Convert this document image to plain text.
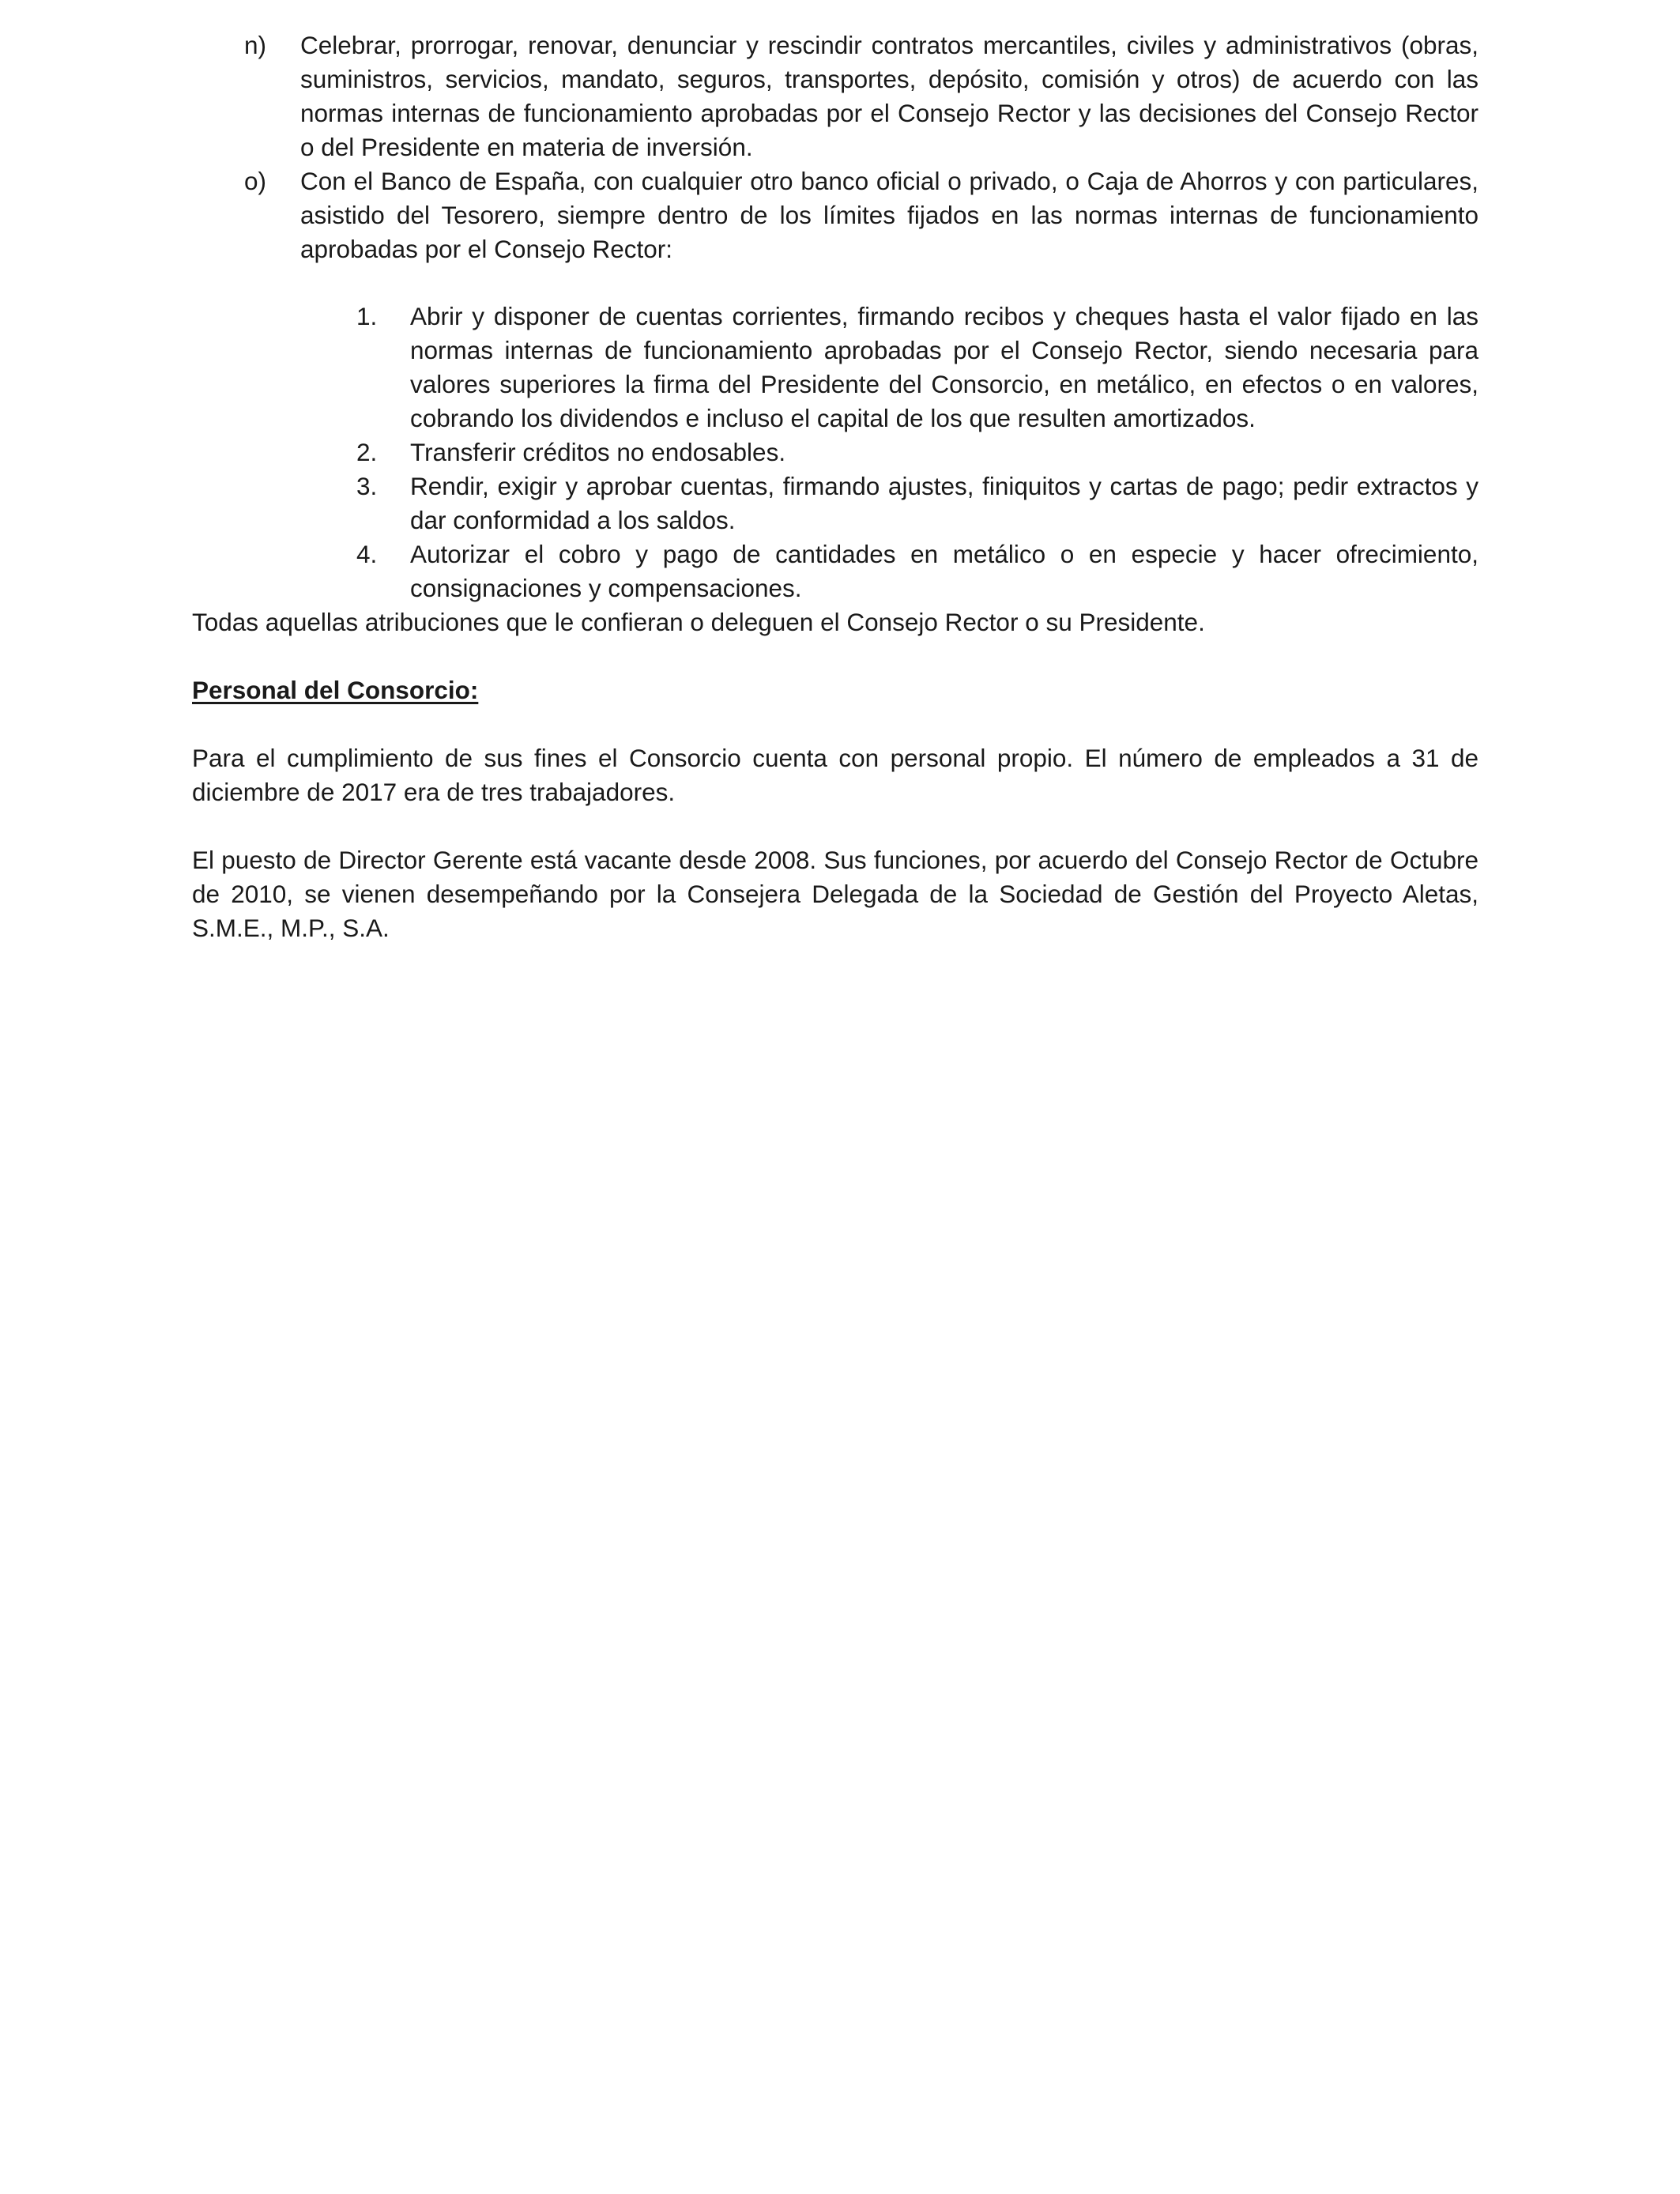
n) Celebrar, prorrogar, renovar, denunciar y rescindir contratos mercantiles, civiles y administrativos (obras, suministros, servicios, mandato, seguros, transportes, depósito, comisión y otros) de acuerdo con las normas internas de funcionamiento aprobadas por el Consejo Rector y las decisiones del Consejo Rector o del Presidente en materia de inversión.
o) Con el Banco de España, con cualquier otro banco oficial o privado, o Caja de Ahorros y con particulares, asistido del Tesorero, siempre dentro de los límites fijados en las normas internas de funcionamiento aprobadas por el Consejo Rector:
1. Abrir y disponer de cuentas corrientes, firmando recibos y cheques hasta el valor fijado en las normas internas de funcionamiento aprobadas por el Consejo Rector, siendo necesaria para valores superiores la firma del Presidente del Consorcio, en metálico, en efectos o en valores, cobrando los dividendos e incluso el capital de los que resulten amortizados.
2. Transferir créditos no endosables.
3. Rendir, exigir y aprobar cuentas, firmando ajustes, finiquitos y cartas de pago; pedir extractos y dar conformidad a los saldos.
4. Autorizar el cobro y pago de cantidades en metálico o en especie y hacer ofrecimiento, consignaciones y compensaciones.
Todas aquellas atribuciones que le confieran o deleguen el Consejo Rector o su Presidente.
Personal del Consorcio:
Para el cumplimiento de sus fines el Consorcio cuenta con personal propio. El número de empleados a 31 de diciembre de 2017 era de tres trabajadores.
El puesto de Director Gerente está vacante desde 2008. Sus funciones, por acuerdo del Consejo Rector de Octubre de 2010, se vienen desempeñando por la Consejera Delegada de la Sociedad de Gestión del Proyecto Aletas, S.M.E., M.P., S.A.
